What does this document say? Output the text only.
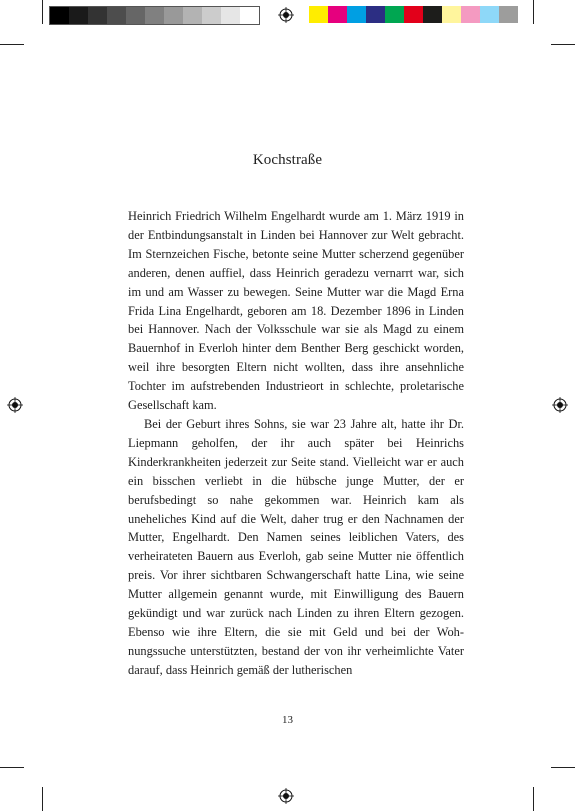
Kochstraße

Heinrich Friedrich Wilhelm Engelhardt wurde am 1. März 1919 in der Entbindungsanstalt in Linden bei Hannover zur Welt gebracht. Im Sternzeichen Fische, betonte seine Mutter scherzend gegenüber anderen, denen auffiel, dass Heinrich geradezu vernarrt war, sich im und am Wasser zu bewegen. Seine Mutter war die Magd Erna Frida Lina Engelhardt, geboren am 18. Dezember 1896 in Linden bei Hannover. Nach der Volksschule war sie als Magd zu einem Bauernhof in Everloh hinter dem Benther Berg geschickt worden, weil ihre besorgten Eltern nicht wollten, dass ihre ansehnliche Tochter im aufstrebenden Industrieort in schlechte, proletarische Gesellschaft kam.

Bei der Geburt ihres Sohns, sie war 23 Jahre alt, hatte ihr Dr. Liepmann geholfen, der ihr auch später bei Heinrichs Kinderkrankheiten jederzeit zur Seite stand. Vielleicht war er auch ein bisschen verliebt in die hübsche junge Mutter, der er berufsbedingt so nahe gekommen war. Heinrich kam als uneheliches Kind auf die Welt, daher trug er den Nachnamen der Mutter, Engelhardt. Den Namen seines leiblichen Vaters, des verheirateten Bauern aus Everloh, gab seine Mutter nie öffentlich preis. Vor ihrer sichtbaren Schwangerschaft hatte Lina, wie seine Mutter allgemein genannt wurde, mit Einwilligung des Bauern gekündigt und war zurück nach Linden zu ihren Eltern gezogen. Ebenso wie ihre Eltern, die sie mit Geld und bei der Wohnungssuche unterstützten, bestand der von ihr verheimlichte Vater darauf, dass Heinrich gemäß der lutherischen

13
